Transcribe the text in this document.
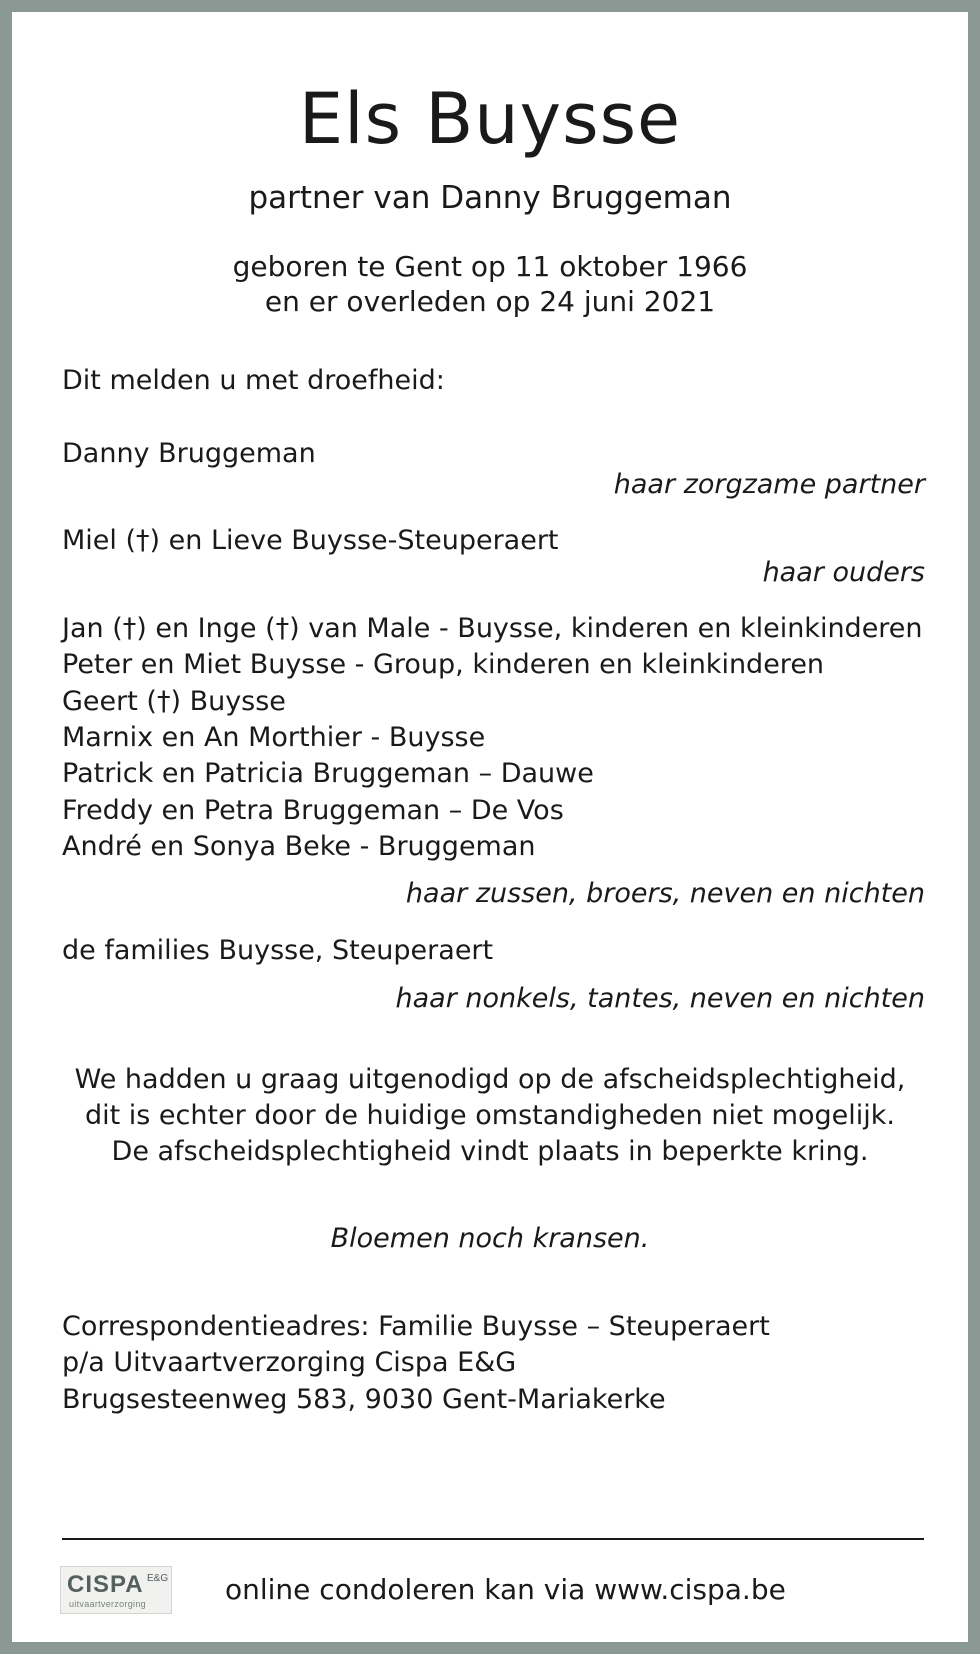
Els Buysse
partner van Danny Bruggeman
geboren te Gent op 11 oktober 1966
en er overleden op 24 juni 2021
Dit melden u met droefheid:
Danny Bruggeman
haar zorgzame partner
Miel (†) en Lieve Buysse-Steuperaert
haar ouders
Jan (†) en Inge (†) van Male - Buysse, kinderen en kleinkinderen
Peter en Miet Buysse - Group, kinderen en kleinkinderen
Geert (†) Buysse
Marnix en An Morthier - Buysse
Patrick en Patricia Bruggeman – Dauwe
Freddy en Petra Bruggeman – De Vos
André en Sonya Beke - Bruggeman
haar zussen, broers, neven en nichten
de families Buysse, Steuperaert
haar nonkels, tantes, neven en nichten
We hadden u graag uitgenodigd op de afscheidsplechtigheid,
dit is echter door de huidige omstandigheden niet mogelijk.
De afscheidsplechtigheid vindt plaats in beperkte kring.
Bloemen noch kransen.
Correspondentieadres: Familie Buysse – Steuperaert
p/a Uitvaartverzorging Cispa E&G
Brugsesteenweg 583, 9030 Gent-Mariakerke
CISPA E&G
uitvaartverzorging	online condoleren kan via www.cispa.be
